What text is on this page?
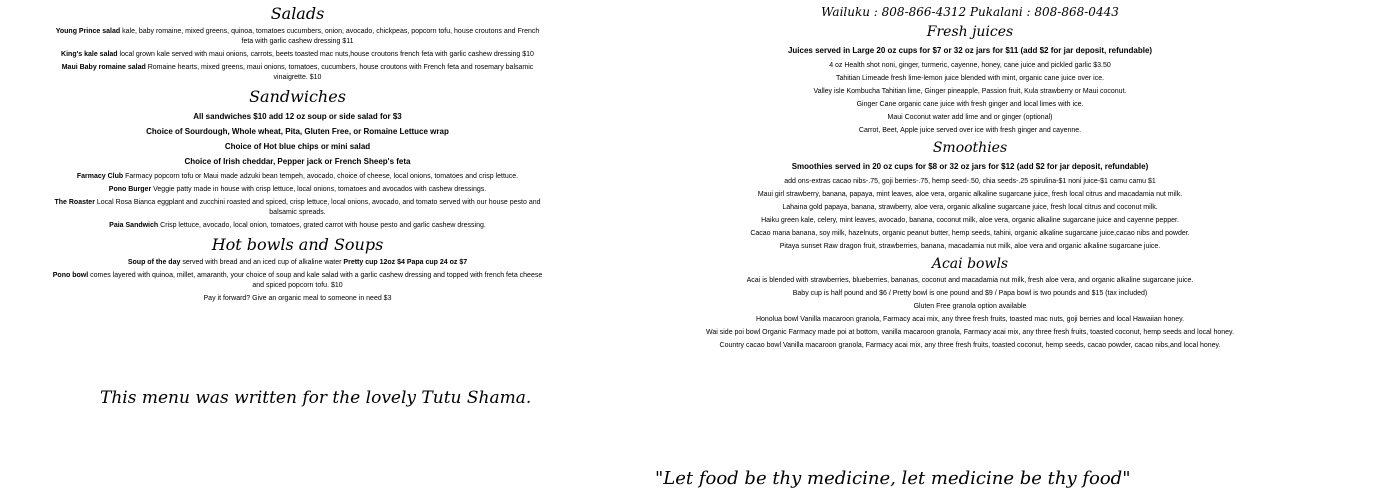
Salads
Young Prince salad kale, baby romaine, mixed greens, quinoa, tomatoes cucumbers, onion, avocado, chickpeas, popcorn tofu, house croutons and French feta with garlic cashew dressing $11
King's kale salad local grown kale served with maui onions, carrots, beets toasted mac nuts,house croutons french feta with garlic cashew dressing $10
Maui Baby romaine salad Romaine hearts, mixed greens, maui onions, tomatoes, cucumbers, house croutons with French feta and rosemary balsamic vinaigrette. $10
Sandwiches
All sandwiches $10 add 12 oz soup or side salad for $3
Choice of Sourdough, Whole wheat, Pita, Gluten Free, or Romaine Lettuce wrap
Choice of Hot blue chips or mini salad
Choice of Irish cheddar, Pepper jack or French Sheep's feta
Farmacy Club Farmacy popcorn tofu or Maui made adzuki bean tempeh, avocado, choice of cheese, local onions, tomatoes and crisp lettuce.
Pono Burger Veggie patty made in house with crisp lettuce, local onions, tomatoes and avocados with cashew dressings.
The Roaster Local Rosa Bianca eggplant and zucchini roasted and spiced, crisp lettuce, local onions, avocado, and tomato served with our house pesto and balsamic spreads.
Paia Sandwich Crisp lettuce, avocado, local onion, tomatoes, grated carrot with house pesto and garlic cashew dressing.
Hot bowls and Soups
Soup of the day served with bread and an iced cup of alkaline water Pretty cup 12oz $4 Papa cup 24 oz $7
Pono bowl comes layered with quinoa, millet, amaranth, your choice of soup and kale salad with a garlic cashew dressing and topped with french feta cheese and spiced popcorn tofu. $10
Pay it forward? Give an organic meal to someone in need $3
This menu was written for the lovely Tutu Shama.
Wailuku : 808-866-4312 Pukalani : 808-868-0443
Fresh juices
Juices served in Large 20 oz cups for $7 or 32 oz jars for $11 (add $2 for jar deposit, refundable)
4 oz Health shot noni, ginger, turmeric, cayenne, honey, cane juice and pickled garlic $3.50
Tahitian Limeade fresh lime-lemon juice blended with mint, organic cane juice over ice.
Valley isle Kombucha Tahitian lime, Ginger pineapple, Passion fruit, Kula strawberry or Maui coconut.
Ginger Cane organic cane juice with fresh ginger and local limes with ice.
Maui Coconut water add lime and or ginger (optional)
Carrot, Beet, Apple juice served over ice with fresh ginger and cayenne.
Smoothies
Smoothies served in 20 oz cups for $8 or 32 oz jars for $12 (add $2 for jar deposit, refundable)
add ons-extras cacao nibs-.75, goji berries-.75, hemp seed-.50, chia seeds-.25 spirulina-$1 noni juice-$1 camu camu $1
Maui girl strawberry, banana, papaya, mint leaves, aloe vera, organic alkaline sugarcane juice, fresh local citrus and macadamia nut milk.
Lahaina gold papaya, banana, strawberry, aloe vera, organic alkaline sugarcane juice, fresh local citrus and coconut milk.
Haiku green kale, celery, mint leaves, avocado, banana, coconut milk, aloe vera, organic alkaline sugarcane juice and cayenne pepper.
Cacao mana banana, soy milk, hazelnuts, organic peanut butter, hemp seeds, tahini, organic alkaline sugarcane juice,cacao nibs and powder.
Pitaya sunset Raw dragon fruit, strawberries, banana, macadamia nut milk, aloe vera and organic alkaline sugarcane juice.
Acai bowls
Acai is blended with strawberries, blueberries, bananas, coconut and macadamia nut milk, fresh aloe vera, and organic alkaline sugarcane juice.
Baby cup is half pound and $6 / Pretty bowl is one pound and $9 / Papa bowl is two pounds and $15 (tax included)
Gluten Free granola option available
Honolua bowl Vanilla macaroon granola, Farmacy acai mix, any three fresh fruits, toasted mac nuts, goji berries and local Hawaiian honey.
Wai side poi bowl Organic Farmacy made poi at bottom, vanilla macaroon granola, Farmacy acai mix, any three fresh fruits, toasted coconut, hemp seeds and local honey.
Country cacao bowl Vanilla macaroon granola, Farmacy acai mix, any three fresh fruits, toasted coconut, hemp seeds, cacao powder, cacao nibs,and local honey.
"Let food be thy medicine, let medicine be thy food"
